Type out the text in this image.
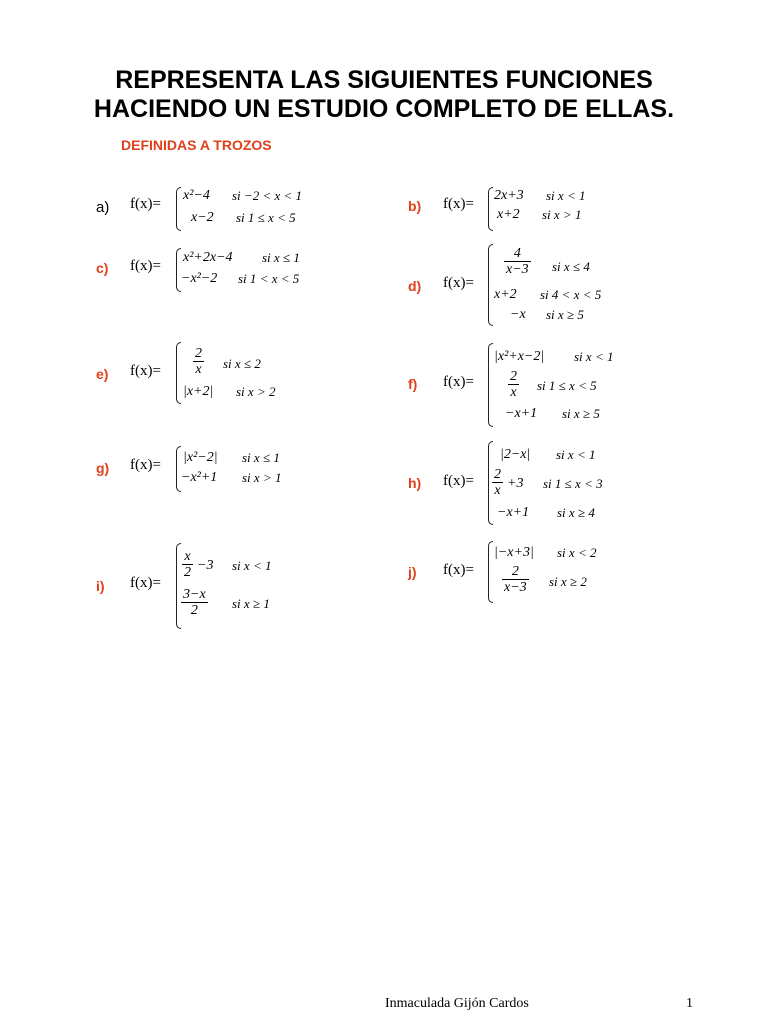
REPRESENTA LAS SIGUIENTES FUNCIONES
HACIENDO UN ESTUDIO COMPLETO DE ELLAS.
DEFINIDAS A TROZOS
a) f(x)=
x²−4 si −2 < x < 1
x−2 si 1 ≤ x < 5
b) f(x)=
2x+3 si x < 1
x+2 si x > 1
c) f(x)=
x²+2x−4 si x ≤ 1
−x²−2 si 1 < x < 5	d) f(x)=
$\frac{4}{x-3}$ si x ≤ 4
x+2 si 4 < x < 5
−x si x ≥ 5
e) $f(x)= \frac{2}{x}$ si x ≤ 2
|x+2| si x > 2	f) f(x)=
|x²+x−2| si x < 1
$\frac{2}{x}$ si 1 ≤ x < 5
−x+1 si x ≥ 5
g) f(x)= |x²−2| si x ≤ 1
−x²+1 si x > 1	h) f(x)=
|2−x| si x < 1
$\frac{2}{x} +3$ si 1 ≤ x < 3
−x+1 si x ≥ 4
i) f(x)=
$\frac{x}{2} -3$ si x < 1
$\frac{3-x}{2}$ si x ≥ 1
j) f(x)=
|−x+3| si x < 2
$\frac{2}{x-3}$ si x ≥ 2
Inmaculada Gijón Cardos	1
